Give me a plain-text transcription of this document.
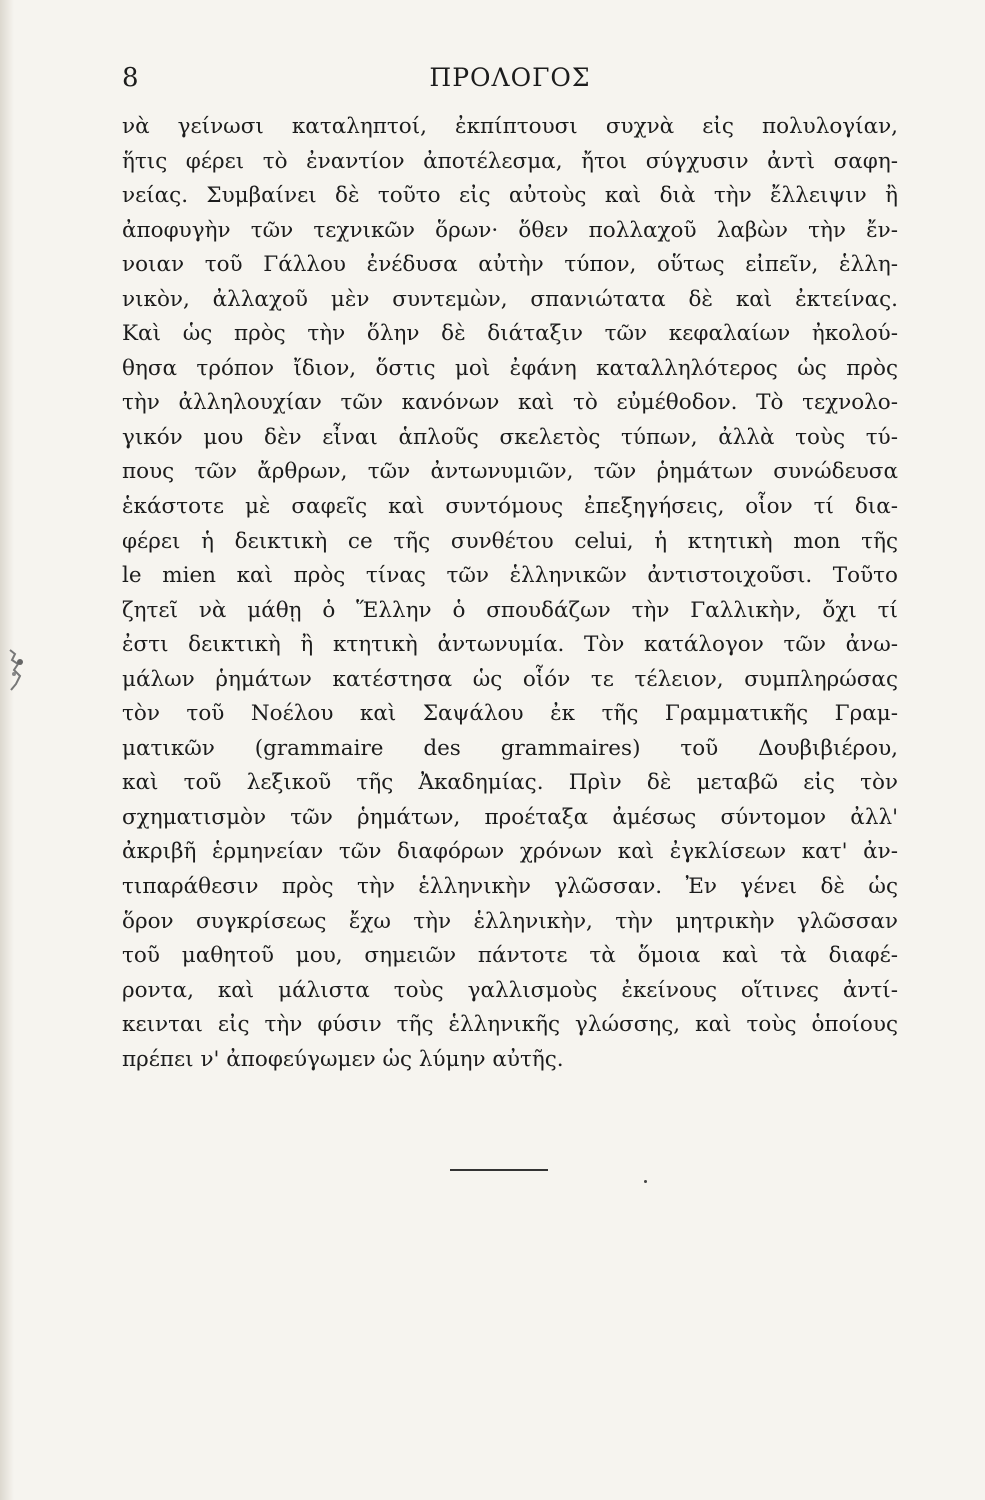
8	ΠΡΟΛΟΓΟΣ
νὰ γείνωσι καταληπτοί, ἐκπίπτουσι συχνὰ εἰς πολυλογίαν,
ἥτις φέρει τὸ ἐναντίον ἀποτέλεσμα, ἤτοι σύγχυσιν ἀντὶ σαφη-
νείας. Συμβαίνει δὲ τοῦτο εἰς αὐτοὺς καὶ διὰ τὴν ἔλλειψιν ἢ
ἀποφυγὴν τῶν τεχνικῶν ὅρων· ὅθεν πολλαχοῦ λαβὼν τὴν ἔν-
νοιαν τοῦ Γάλλου ἐνέδυσα αὐτὴν τύπον, οὕτως εἰπεῖν, ἑλλη-
νικὸν, ἀλλαχοῦ μὲν συντεμὼν, σπανιώτατα δὲ καὶ ἐκτείνας.
Καὶ ὡς πρὸς τὴν ὅλην δὲ διάταξιν τῶν κεφαλαίων ἠκολού-
θησα τρόπον ἴδιον, ὅστις μοὶ ἐφάνη καταλληλότερος ὡς πρὸς
τὴν ἀλληλουχίαν τῶν κανόνων καὶ τὸ εὐμέθοδον. Τὸ τεχνολο-
γικόν μου δὲν εἶναι ἁπλοῦς σκελετὸς τύπων, ἀλλὰ τοὺς τύ-
πους τῶν ἄρθρων, τῶν ἀντωνυμιῶν, τῶν ῥημάτων συνώδευσα
ἑκάστοτε μὲ σαφεῖς καὶ συντόμους ἐπεξηγήσεις, οἷον τί δια-
φέρει ἡ δεικτικὴ ce τῆς συνθέτου celui, ἡ κτητικὴ mon τῆς
le mien καὶ πρὸς τίνας τῶν ἑλληνικῶν ἀντιστοιχοῦσι. Τοῦτο
ζητεῖ νὰ μάθῃ ὁ Ἕλλην ὁ σπουδάζων τὴν Γαλλικὴν, ὄχι τί
ἐστι δεικτικὴ ἢ κτητικὴ ἀντωνυμία. Τὸν κατάλογον τῶν ἀνω-
μάλων ῥημάτων κατέστησα ὡς οἷόν τε τέλειον, συμπληρώσας
τὸν τοῦ Νοέλου καὶ Σαψάλου ἐκ τῆς Γραμματικῆς Γραμ-
ματικῶν (grammaire des grammaires) τοῦ Δουβιβιέρου,
καὶ τοῦ λεξικοῦ τῆς Ἀκαδημίας. Πρὶν δὲ μεταβῶ εἰς τὸν
σχηματισμὸν τῶν ῥημάτων, προέταξα ἀμέσως σύντομον ἀλλ'
ἀκριβῆ ἑρμηνείαν τῶν διαφόρων χρόνων καὶ ἐγκλίσεων κατ' ἀν-
τιπαράθεσιν πρὸς τὴν ἑλληνικὴν γλῶσσαν. Ἐν γένει δὲ ὡς
ὅρον συγκρίσεως ἔχω τὴν ἑλληνικὴν, τὴν μητρικὴν γλῶσσαν
τοῦ μαθητοῦ μου, σημειῶν πάντοτε τὰ ὅμοια καὶ τὰ διαφέ-
ροντα, καὶ μάλιστα τοὺς γαλλισμοὺς ἐκείνους οἵτινες ἀντί-
κεινται εἰς τὴν φύσιν τῆς ἑλληνικῆς γλώσσης, καὶ τοὺς ὁποίους
πρέπει ν' ἀποφεύγωμεν ὡς λύμην αὐτῆς.
